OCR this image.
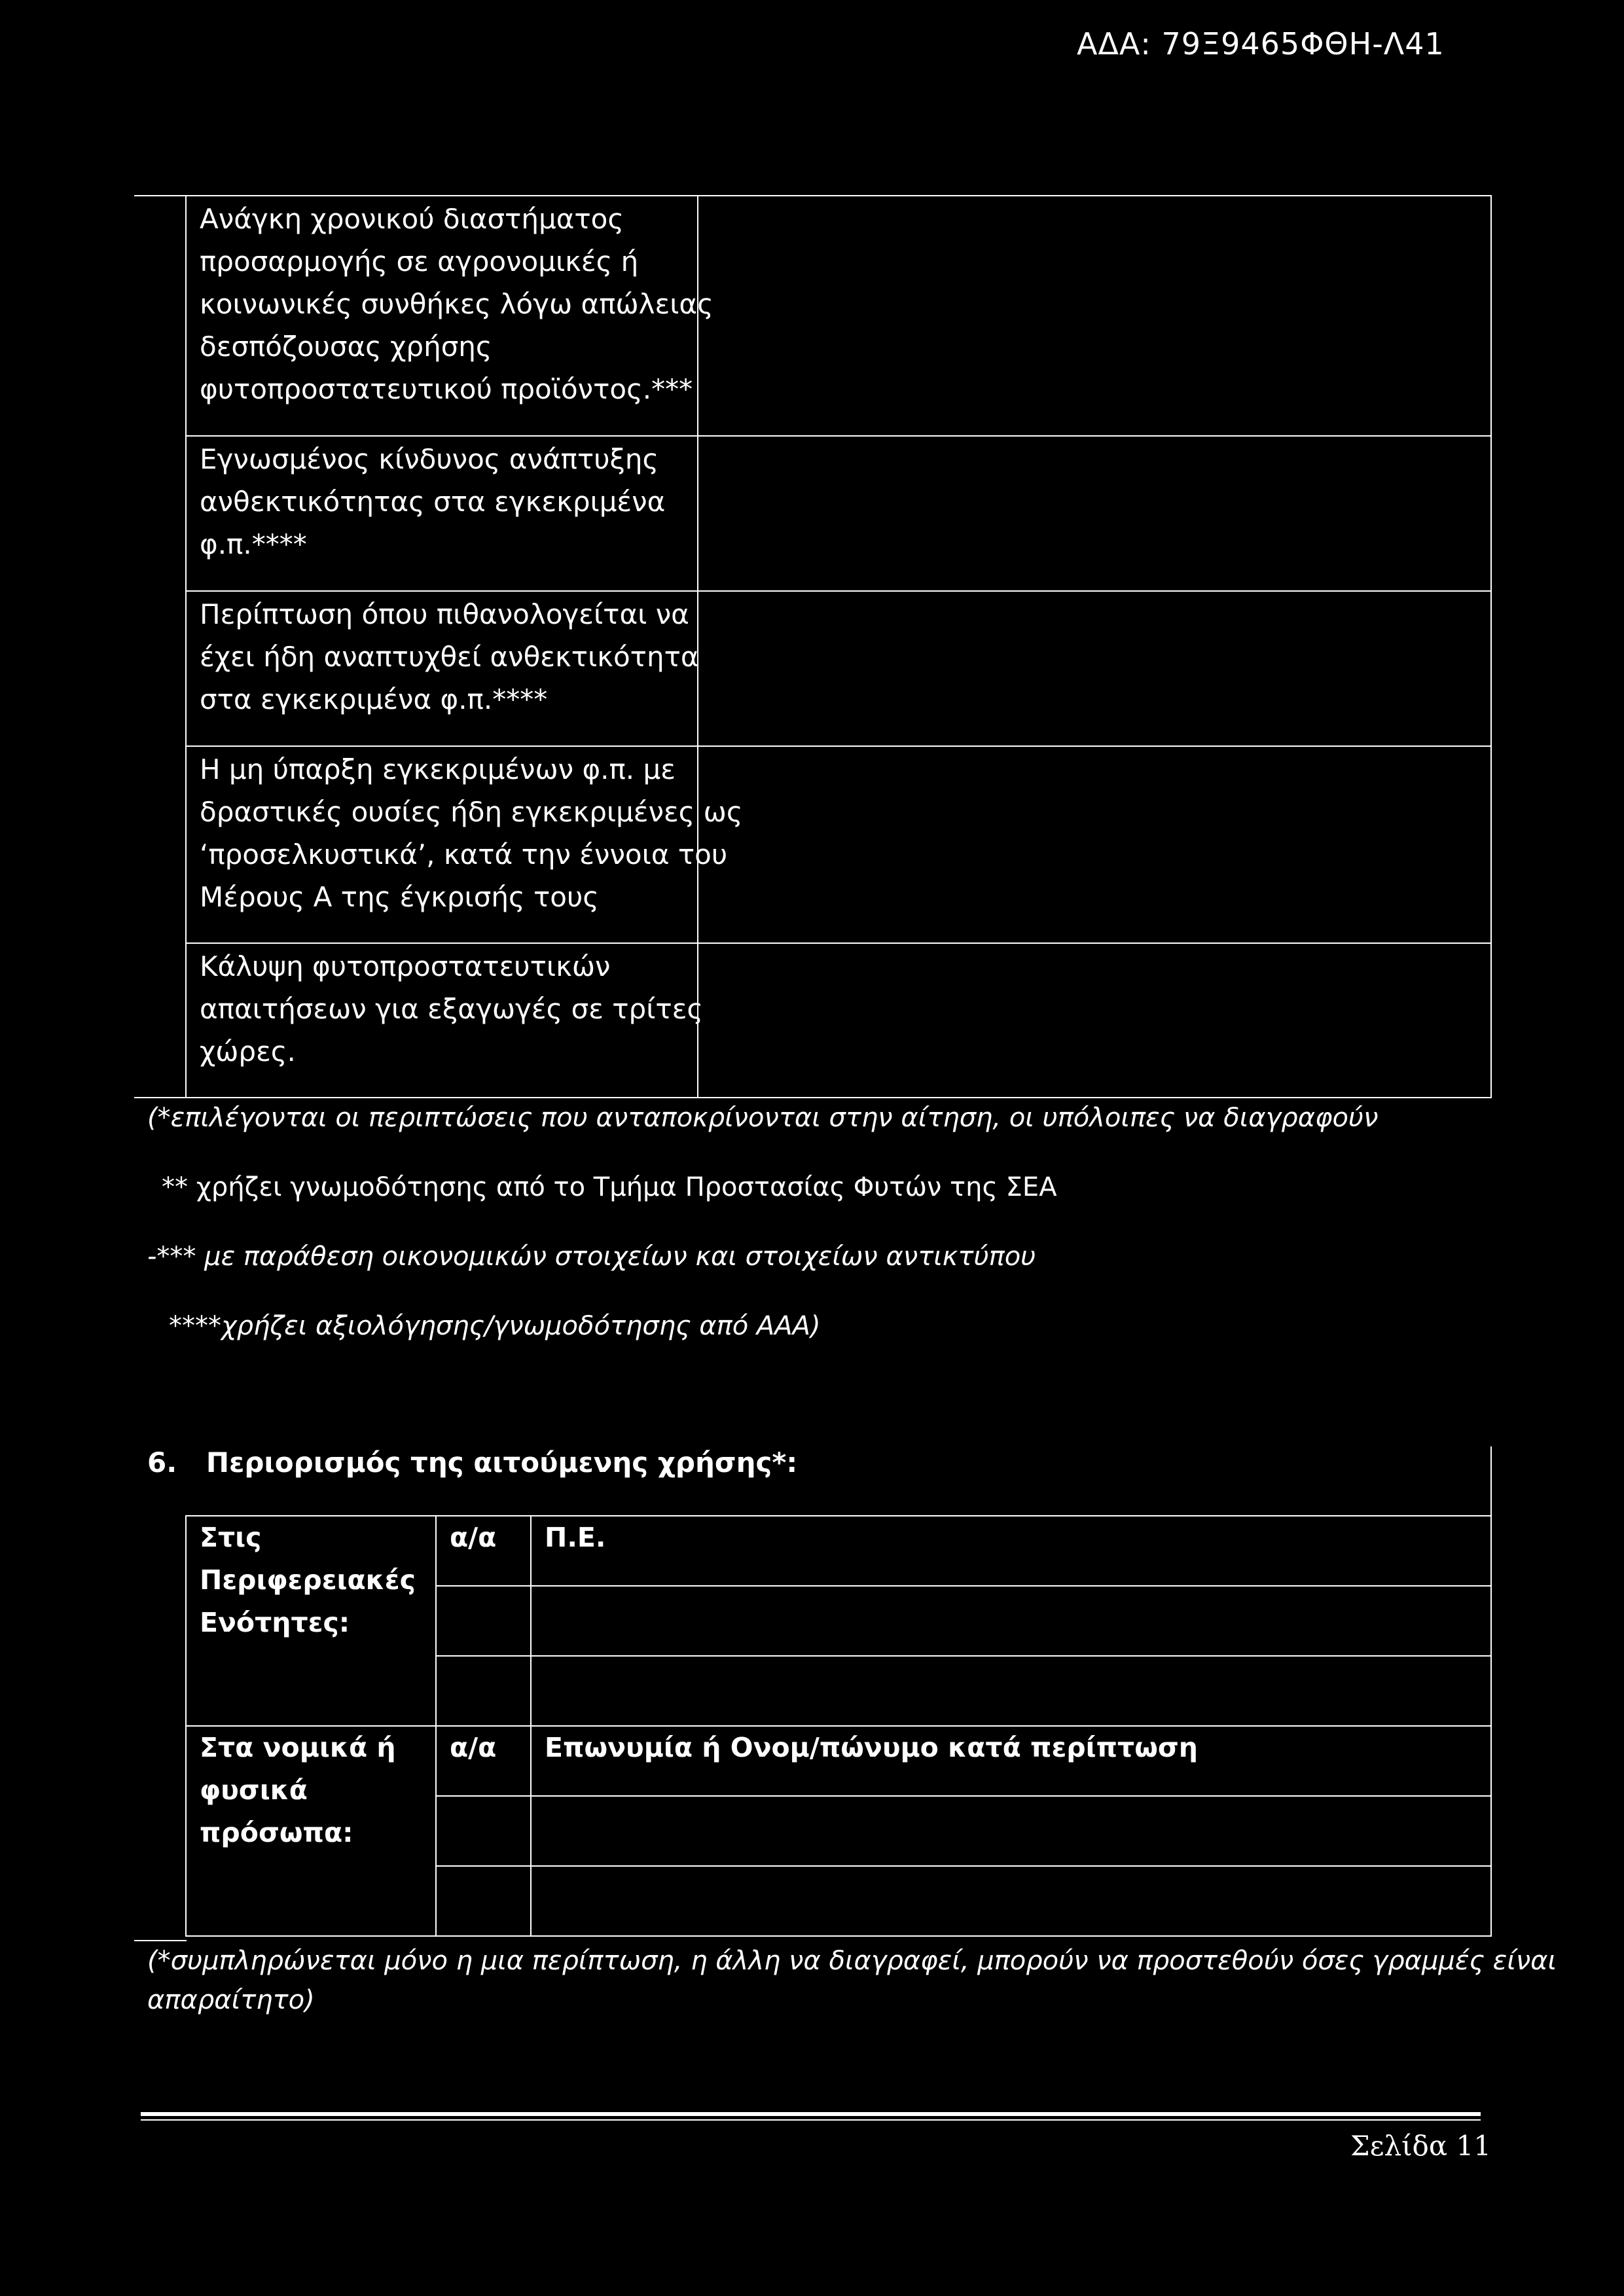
ΑΔΑ: 79Ξ9465ΦΘΗ-Λ41
Ανάγκη χρονικού διαστήματος
προσαρμογής σε αγρονομικές ή
κοινωνικές συνθήκες λόγω απώλειας
δεσπόζουσας χρήσης
φυτοπροστατευτικού προϊόντος.***	

Εγνωσμένος κίνδυνος ανάπτυξης
ανθεκτικότητας στα εγκεκριμένα
φ.π.****	

Περίπτωση όπου πιθανολογείται να
έχει ήδη αναπτυχθεί ανθεκτικότητα
στα εγκεκριμένα φ.π.****	

Η μη ύπαρξη εγκεκριμένων φ.π. με
δραστικές ουσίες ήδη εγκεκριμένες ως
‘προσελκυστικά’, κατά την έννοια του
Μέρους Α της έγκρισής τους	

Κάλυψη φυτοπροστατευτικών
απαιτήσεων για εξαγωγές σε τρίτες
χώρες.	

(*επιλέγονται οι περιπτώσεις που ανταποκρίνονται στην αίτηση, οι υπόλοιπες να διαγραφούν
** χρήζει γνωμοδότησης από το Τμήμα Προστασίας Φυτών της ΣΕΑ
-*** με παράθεση οικονομικών στοιχείων και στοιχείων αντικτύπου
****χρήζει αξιολόγησης/γνωμοδότησης από ΑΑΑ)
6. Περιορισμός της αιτούμενης χρήσης*:
Στις
Περιφερειακές
Ενότητες:	α/α	Π.Ε.

Στα νομικά ή
φυσικά
πρόσωπα:	α/α	Επωνυμία ή Ονομ/πώνυμο κατά περίπτωση

(*συμπληρώνεται μόνο η μια περίπτωση, η άλλη να διαγραφεί, μπορούν να προστεθούν όσες γραμμές είναι
απαραίτητο)
Σελίδα 11
